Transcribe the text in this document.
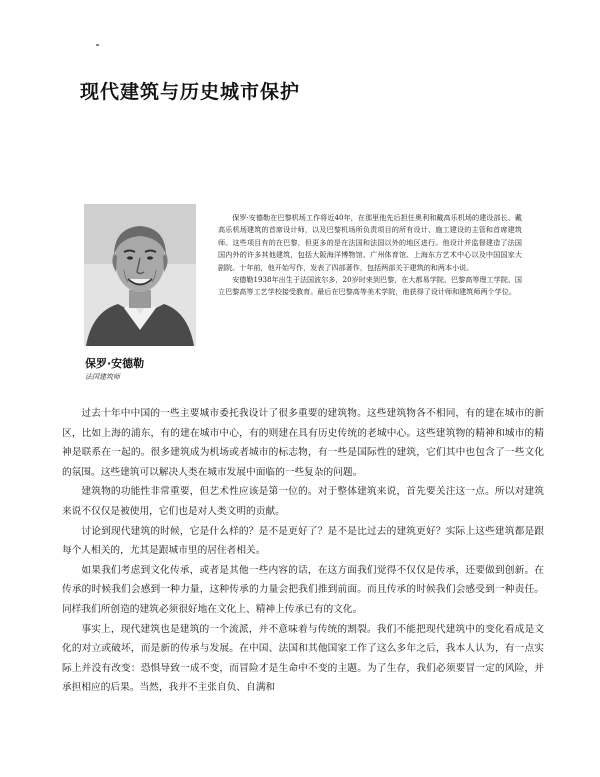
现代建筑与历史城市保护

保罗·安德勒

法国建筑师

保罗·安德勒在巴黎机场工作将近40年，在那里他先后担任奥利和戴高乐机场的建设部长、戴高乐机场建筑的首席设计师，以及巴黎机场所负责项目的所有设计、施工建设的主管和首席建筑师。这些项目有的在巴黎，但更多的是在法国和法国以外的地区进行。他设计并监督建造了法国国内外的许多其他建筑，包括大阪海洋博物馆、广州体育馆、上海东方艺术中心以及中国国家大剧院。十年前，他开始写作，发表了四部著作，包括两部关于建筑的和两本小说。

安德勒1938年出生于法国波尔多，20岁时来到巴黎，在大都易学院、巴黎高等理工学院、国立巴黎高等工艺学校接受教育。最后在巴黎高等美术学院，他获得了设计师和建筑师两个学位。

过去十年中中国的一些主要城市委托我设计了很多重要的建筑物。这些建筑物各不相同，有的建在城市的新区，比如上海的浦东，有的建在城市中心，有的则建在具有历史传统的老城中心。这些建筑物的精神和城市的精神是联系在一起的。很多建筑成为机场或者城市的标志物，有一些是国际性的建筑，它们其中也包含了一些文化的氛围。这些建筑可以解决人类在城市发展中面临的一些复杂的问题。

建筑物的功能性非常重要，但艺术性应该是第一位的。对于整体建筑来说，首先要关注这一点。所以对建筑来说不仅仅是被使用，它们也是对人类文明的贡献。

讨论到现代建筑的时候，它是什么样的？是不是更好了？是不是比过去的建筑更好？实际上这些建筑都是跟每个人相关的，尤其是跟城市里的居住者相关。

如果我们考虑到文化传承，或者是其他一些内容的话，在这方面我们觉得不仅仅是传承，还要做到创新。在传承的时候我们会感到一种力量，这种传承的力量会把我们推到前面。而且传承的时候我们会感受到一种责任。同样我们所创造的建筑必须很好地在文化上、精神上传承已有的文化。

事实上，现代建筑也是建筑的一个流派，并不意味着与传统的割裂。我们不能把现代建筑中的变化看成是文化的对立或破坏，而是新的传承与发展。在中国、法国和其他国家工作了这么多年之后，我本人认为，有一点实际上并没有改变：恐惧导致一成不变，而冒险才是生命中不变的主题。为了生存，我们必须要冒一定的风险，并承担相应的后果。当然，我并不主张自负、自满和
